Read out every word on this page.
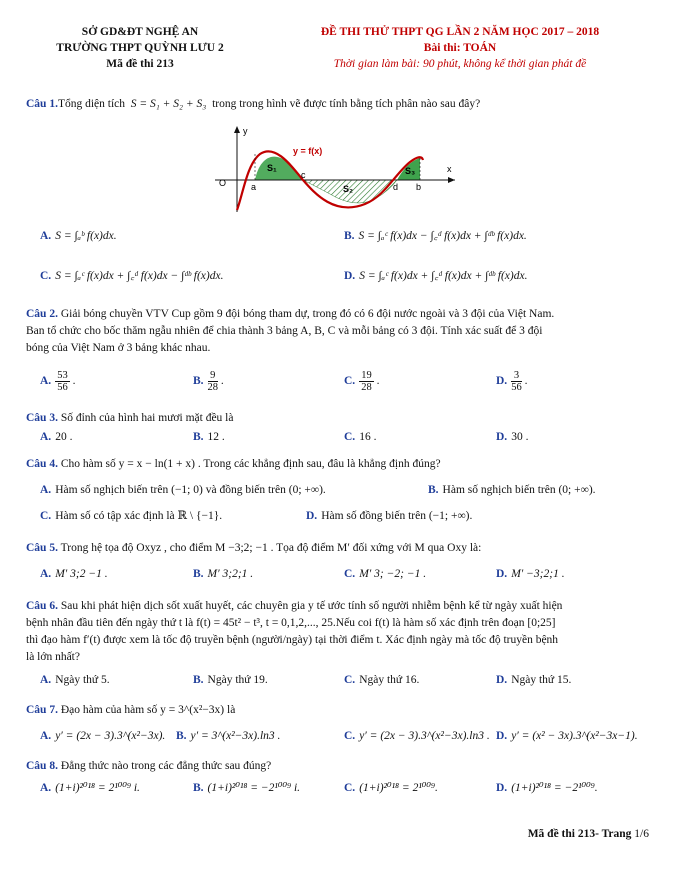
SỞ GD&ĐT NGHỆ AN
TRƯỜNG THPT QUỲNH LƯU 2
Mã đề thi 213
ĐỀ THI THỬ THPT QG LẦN 2 NĂM HỌC 2017 – 2018
Bài thi: TOÁN
Thời gian làm bài: 90 phút, không kể thời gian phát đề
Câu 1.Tổng diện tích S = S₁ + S₂ + S₃ trong trong hình vẽ được tính bằng tích phân nào sau đây?
y
x
y = f(x)
O	a
c
d b
S₁
S₂
S₃
A. S = ∫ₐᵇ f(x)dx.	B. S = ∫ₐᶜ f(x)dx − ∫꜀ᵈ f(x)dx + ∫ᵈᵇ f(x)dx.
C. S = ∫ₐᶜ f(x)dx + ∫꜀ᵈ f(x)dx − ∫ᵈᵇ f(x)dx.	D. S = ∫ₐᶜ f(x)dx + ∫꜀ᵈ f(x)dx + ∫ᵈᵇ f(x)dx.
Câu 2. Giải bóng chuyền VTV Cup gồm 9 đội bóng tham dự, trong đó có 6 đội nước ngoài và 3 đội của Việt Nam.
Ban tổ chức cho bốc thăm ngẫu nhiên để chia thành 3 bảng A, B, C và mỗi bảng có 3 đội. Tính xác suất để 3 đội
bóng của Việt Nam ở 3 bảng khác nhau.
A. $\frac{53}{56}$ .	B. $\frac{9}{28}$ .	C. $\frac{19}{28}$ .	D. $\frac{3}{56}$ .
Câu 3. Số đỉnh của hình hai mươi mặt đều là
A. 20 .	B. 12 .	C. 16 .	D. 30 .
Câu 4. Cho hàm số y = x − ln(1 + x) . Trong các khẳng định sau, đâu là khẳng định đúng?
A. Hàm số nghịch biến trên (−1; 0) và đồng biến trên (0; +∞).	B. Hàm số nghịch biến trên (0; +∞).
C. Hàm số có tập xác định là ℝ \ {−1}.	D. Hàm số đồng biến trên (−1; +∞).
Câu 5. Trong hệ tọa độ Oxyz , cho điểm M −3;2; −1 . Tọa độ điểm M′ đối xứng với M qua Oxy là:
A. M′ 3;2 −1 .	B. M′ 3;2;1 .	C. M′ 3; −2; −1 .	D. M′ −3;2;1 .
Câu 6. Sau khi phát hiện dịch sốt xuất huyết, các chuyên gia y tế ước tính số người nhiễm bệnh kể từ ngày xuất hiện
bệnh nhân đầu tiên đến ngày thứ t là f(t) = 45t² − t³, t = 0,1,2,..., 25.Nếu coi f(t) là hàm số xác định trên đoạn [0;25]
thì đạo hàm f′(t) được xem là tốc độ truyền bệnh (người/ngày) tại thời điểm t. Xác định ngày mà tốc độ truyền bệnh
là lớn nhất?
A. Ngày thứ 5.	B. Ngày thứ 19.	C. Ngày thứ 16.	D. Ngày thứ 15.
Câu 7. Đạo hàm của hàm số y = 3^(x²−3x) là
A. y′ = (2x − 3).3^(x²−3x). B. y′ = 3^(x²−3x).ln3 .	C. y′ = (2x − 3).3^(x²−3x).ln3 . D. y′ = (x² − 3x).3^(x²−3x−1).
Câu 8. Đẳng thức nào trong các đẳng thức sau đúng?
A. (1+i)²⁰¹⁸ = 2¹⁰⁰⁹ i.	B. (1+i)²⁰¹⁸ = −2¹⁰⁰⁹ i.	C. (1+i)²⁰¹⁸ = 2¹⁰⁰⁹.	D. (1+i)²⁰¹⁸ = −2¹⁰⁰⁹.
Mã đề thi 213- Trang 1/6
